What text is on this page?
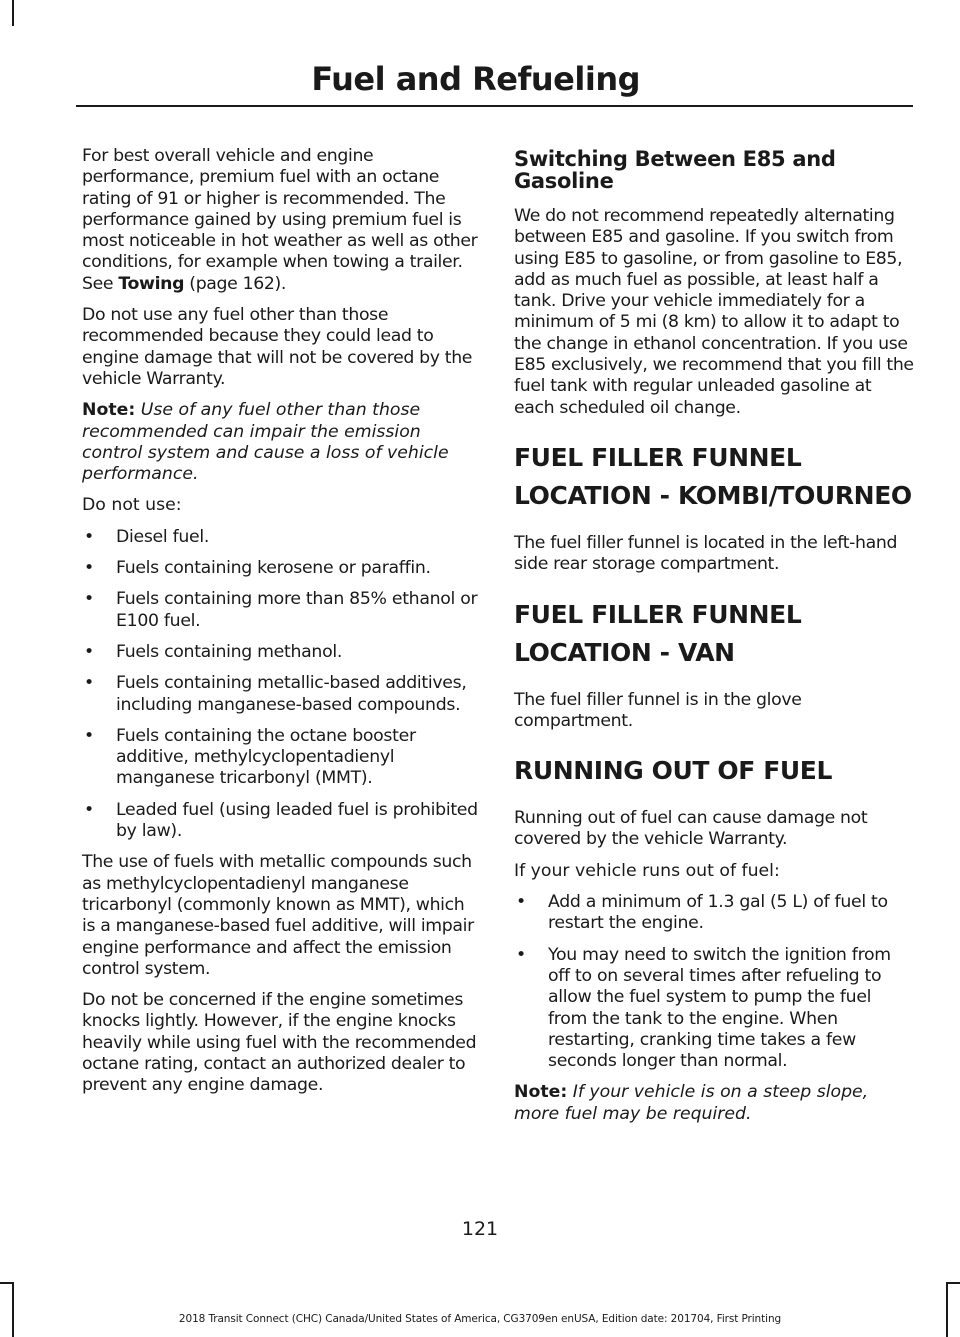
Fuel and Refueling

For best overall vehicle and engine performance, premium fuel with an octane rating of 91 or higher is recommended. The performance gained by using premium fuel is most noticeable in hot weather as well as other conditions, for example when towing a trailer. See Towing (page 162).

Do not use any fuel other than those recommended because they could lead to engine damage that will not be covered by the vehicle Warranty.

Note: Use of any fuel other than those recommended can impair the emission control system and cause a loss of vehicle performance.

Do not use:

• Diesel fuel.
• Fuels containing kerosene or paraffin.
• Fuels containing more than 85% ethanol or E100 fuel.
• Fuels containing methanol.
• Fuels containing metallic-based additives, including manganese-based compounds.
• Fuels containing the octane booster additive, methylcyclopentadienyl manganese tricarbonyl (MMT).
• Leaded fuel (using leaded fuel is prohibited by law).

The use of fuels with metallic compounds such as methylcyclopentadienyl manganese tricarbonyl (commonly known as MMT), which is a manganese-based fuel additive, will impair engine performance and affect the emission control system.

Do not be concerned if the engine sometimes knocks lightly. However, if the engine knocks heavily while using fuel with the recommended octane rating, contact an authorized dealer to prevent any engine damage.

Switching Between E85 and Gasoline

We do not recommend repeatedly alternating between E85 and gasoline. If you switch from using E85 to gasoline, or from gasoline to E85, add as much fuel as possible, at least half a tank. Drive your vehicle immediately for a minimum of 5 mi (8 km) to allow it to adapt to the change in ethanol concentration. If you use E85 exclusively, we recommend that you fill the fuel tank with regular unleaded gasoline at each scheduled oil change.

FUEL FILLER FUNNEL
LOCATION - KOMBI/TOURNEO

The fuel filler funnel is located in the left-hand side rear storage compartment.

FUEL FILLER FUNNEL
LOCATION - VAN

The fuel filler funnel is in the glove compartment.

RUNNING OUT OF FUEL

Running out of fuel can cause damage not covered by the vehicle Warranty.

If your vehicle runs out of fuel:

• Add a minimum of 1.3 gal (5 L) of fuel to restart the engine.
• You may need to switch the ignition from off to on several times after refueling to allow the fuel system to pump the fuel from the tank to the engine. When restarting, cranking time takes a few seconds longer than normal.

Note: If your vehicle is on a steep slope, more fuel may be required.

121
2018 Transit Connect (CHC) Canada/United States of America, CG3709en enUSA, Edition date: 201704, First Printing
